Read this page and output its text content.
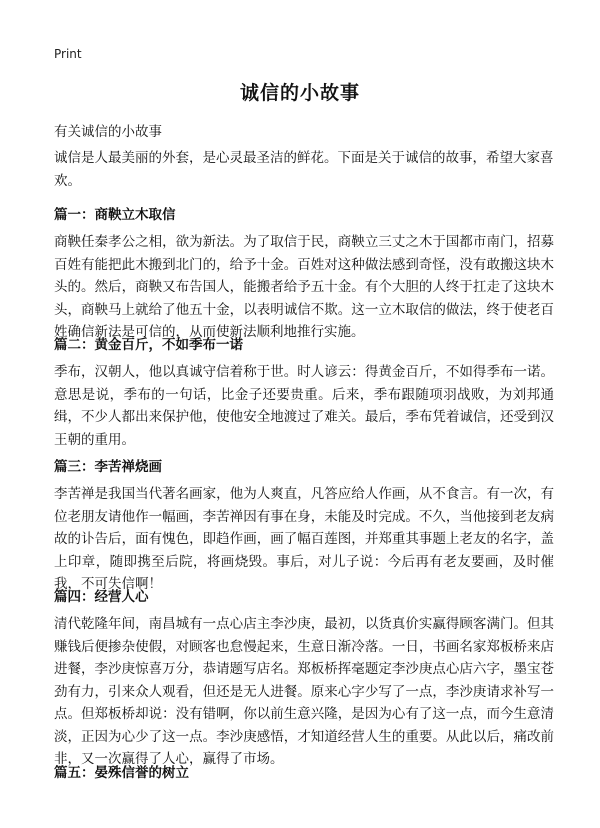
Print
诚信的小故事
有关诚信的小故事
诚信是人最美丽的外套，是心灵最圣洁的鲜花。下面是关于诚信的故事，希望大家喜欢。
篇一：商鞅立木取信
商鞅任秦孝公之相，欲为新法。为了取信于民，商鞅立三丈之木于国都市南门，招募百姓有能把此木搬到北门的，给予十金。百姓对这种做法感到奇怪，没有敢搬这块木头的。然后，商鞅又布告国人，能搬者给予五十金。有个大胆的人终于扛走了这块木头，商鞅马上就给了他五十金，以表明诚信不欺。这一立木取信的做法，终于使老百姓确信新法是可信的，从而使新法顺利地推行实施。
篇二：黄金百斤，不如季布一诺
季布，汉朝人，他以真诚守信着称于世。时人谚云：得黄金百斤，不如得季布一诺。意思是说，季布的一句话，比金子还要贵重。后来，季布跟随项羽战败，为刘邦通缉，不少人都出来保护他，使他安全地渡过了难关。最后，季布凭着诚信，还受到汉王朝的重用。
篇三：李苦禅烧画
李苦禅是我国当代著名画家，他为人爽直，凡答应给人作画，从不食言。有一次，有位老朋友请他作一幅画，李苦禅因有事在身，未能及时完成。不久，当他接到老友病故的讣告后，面有愧色，即趋作画，画了幅百莲图，并郑重其事题上老友的名字，盖上印章，随即携至后院，将画烧毁。事后，对儿子说：今后再有老友要画，及时催我，不可失信啊！
篇四：经营人心
清代乾隆年间，南昌城有一点心店主李沙庚，最初，以货真价实赢得顾客满门。但其赚钱后便掺杂使假，对顾客也怠慢起来，生意日渐冷落。一日，书画名家郑板桥来店进餐，李沙庚惊喜万分，恭请题写店名。郑板桥挥毫题定李沙庚点心店六字，墨宝苍劲有力，引来众人观看，但还是无人进餐。原来心字少写了一点，李沙庚请求补写一点。但郑板桥却说：没有错啊，你以前生意兴隆，是因为心有了这一点，而今生意清淡，正因为心少了这一点。李沙庚感悟，才知道经营人生的重要。从此以后，痛改前非，又一次赢得了人心，赢得了市场。
篇五：晏殊信誉的树立
